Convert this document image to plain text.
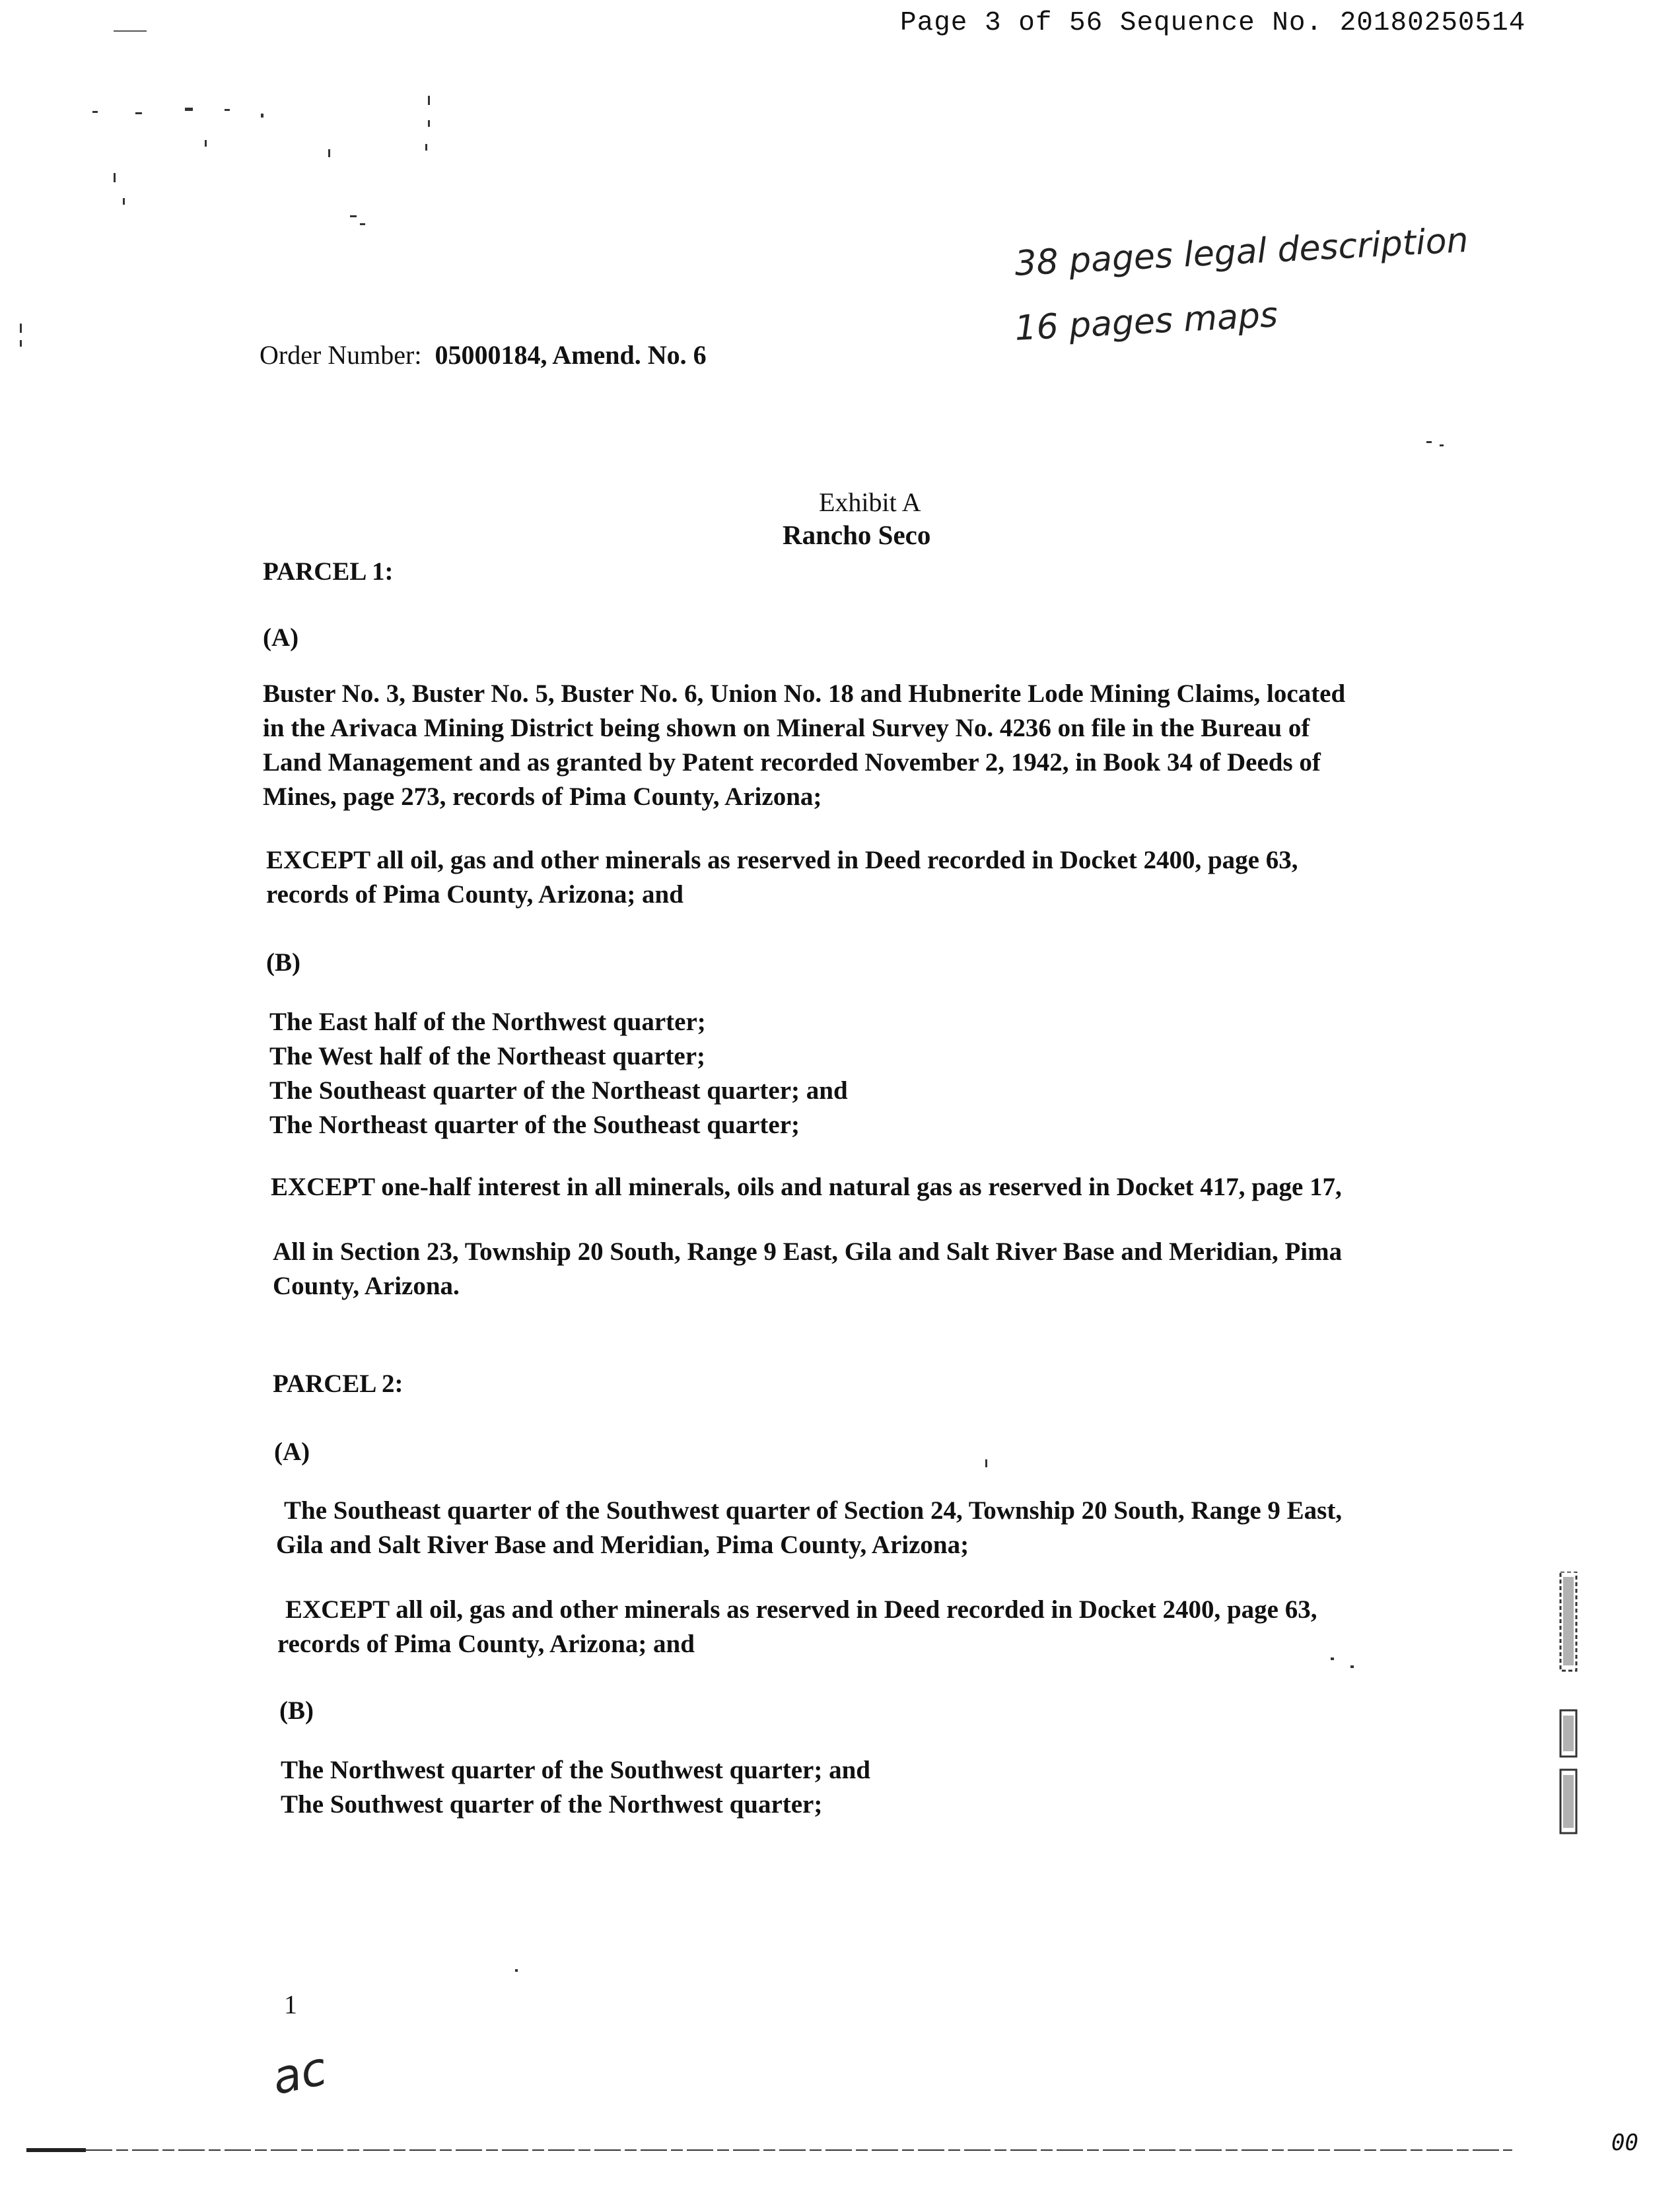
Page 3 of 56 Sequence No. 20180250514
38 pages legal description
16 pages maps
Order Number: 05000184, Amend. No. 6
Exhibit A
Rancho Seco
PARCEL 1:
(A)

Buster No. 3, Buster No. 5, Buster No. 6, Union No. 18 and Hubnerite Lode Mining Claims, located

in the Arivaca Mining District being shown on Mineral Survey No. 4236 on file in the Bureau of

Land Management and as granted by Patent recorded November 2, 1942, in Book 34 of Deeds of

Mines, page 273, records of Pima County, Arizona;

EXCEPT all oil, gas and other minerals as reserved in Deed recorded in Docket 2400, page 63,

records of Pima County, Arizona; and

(B)

The East half of the Northwest quarter;

The West half of the Northeast quarter;

The Southeast quarter of the Northeast quarter; and

The Northeast quarter of the Southeast quarter;

EXCEPT one-half interest in all minerals, oils and natural gas as reserved in Docket 417, page 17,

All in Section 23, Township 20 South, Range 9 East, Gila and Salt River Base and Meridian, Pima

County, Arizona.

PARCEL 2:
(A)

The Southeast quarter of the Southwest quarter of Section 24, Township 20 South, Range 9 East,

Gila and Salt River Base and Meridian, Pima County, Arizona;

EXCEPT all oil, gas and other minerals as reserved in Deed recorded in Docket 2400, page 63,

records of Pima County, Arizona; and

(B)

The Northwest quarter of the Southwest quarter; and

The Southwest quarter of the Northwest quarter;

1
ac
00
